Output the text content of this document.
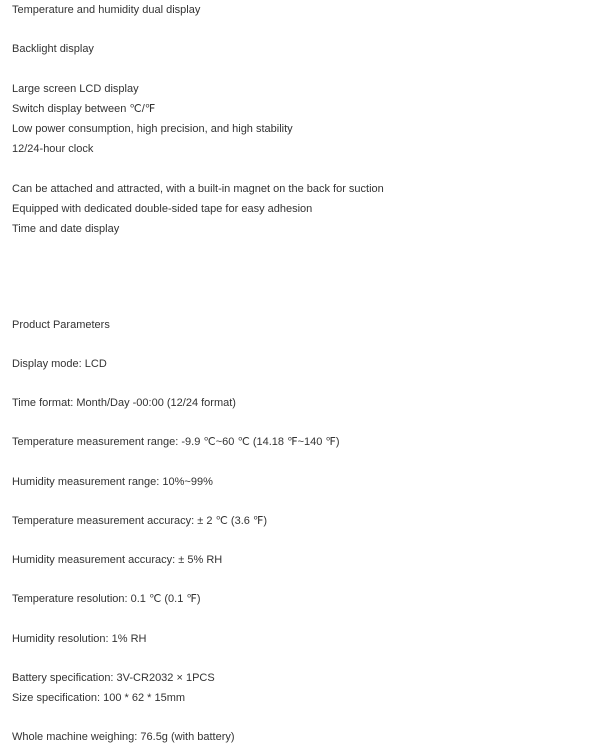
Temperature and humidity dual display
Backlight display
Large screen LCD display
Switch display between ℃/℉
Low power consumption, high precision, and high stability
12/24-hour clock
Can be attached and attracted, with a built-in magnet on the back for suction
Equipped with dedicated double-sided tape for easy adhesion
Time and date display
Product Parameters
Display mode: LCD
Time format: Month/Day -00:00 (12/24 format)
Temperature measurement range: -9.9 ℃~60 ℃ (14.18 ℉~140 ℉)
Humidity measurement range: 10%~99%
Temperature measurement accuracy: ± 2 ℃ (3.6 ℉)
Humidity measurement accuracy: ± 5% RH
Temperature resolution: 0.1 ℃ (0.1 ℉)
Humidity resolution: 1% RH
Battery specification: 3V-CR2032 × 1PCS
Size specification: 100 * 62 * 15mm
Whole machine weighing: 76.5g (with battery)
